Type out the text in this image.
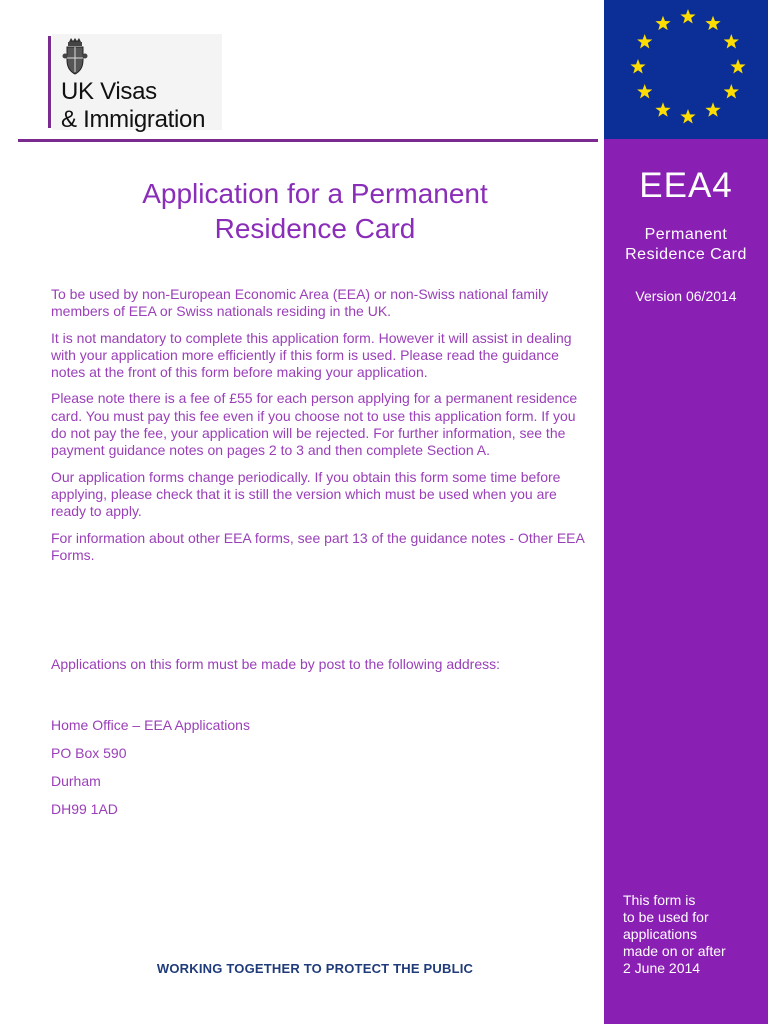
UK Visas
& Immigration
EEA4
Permanent
Residence Card
Version 06/2014
This form is
to be used for
applications
made on or after
2 June 2014
Application for a Permanent
Residence Card

To be used by non-European Economic Area (EEA) or non-Swiss national family members of EEA or Swiss nationals residing in the UK.

It is not mandatory to complete this application form. However it will assist in dealing with your application more efficiently if this form is used. Please read the guidance notes at the front of this form before making your application.

Please note there is a fee of £55 for each person applying for a permanent residence card. You must pay this fee even if you choose not to use this application form. If you do not pay the fee, your application will be rejected. For further information, see the payment guidance notes on pages 2 to 3 and then complete Section A.

Our application forms change periodically. If you obtain this form some time before applying, please check that it is still the version which must be used when you are ready to apply.

For information about other EEA forms, see part 13 of the guidance notes - Other EEA Forms.

Applications on this form must be made by post to the following address:
Home Office – EEA Applications
PO Box 590
Durham
DH99 1AD
WORKING TOGETHER TO PROTECT THE PUBLIC
